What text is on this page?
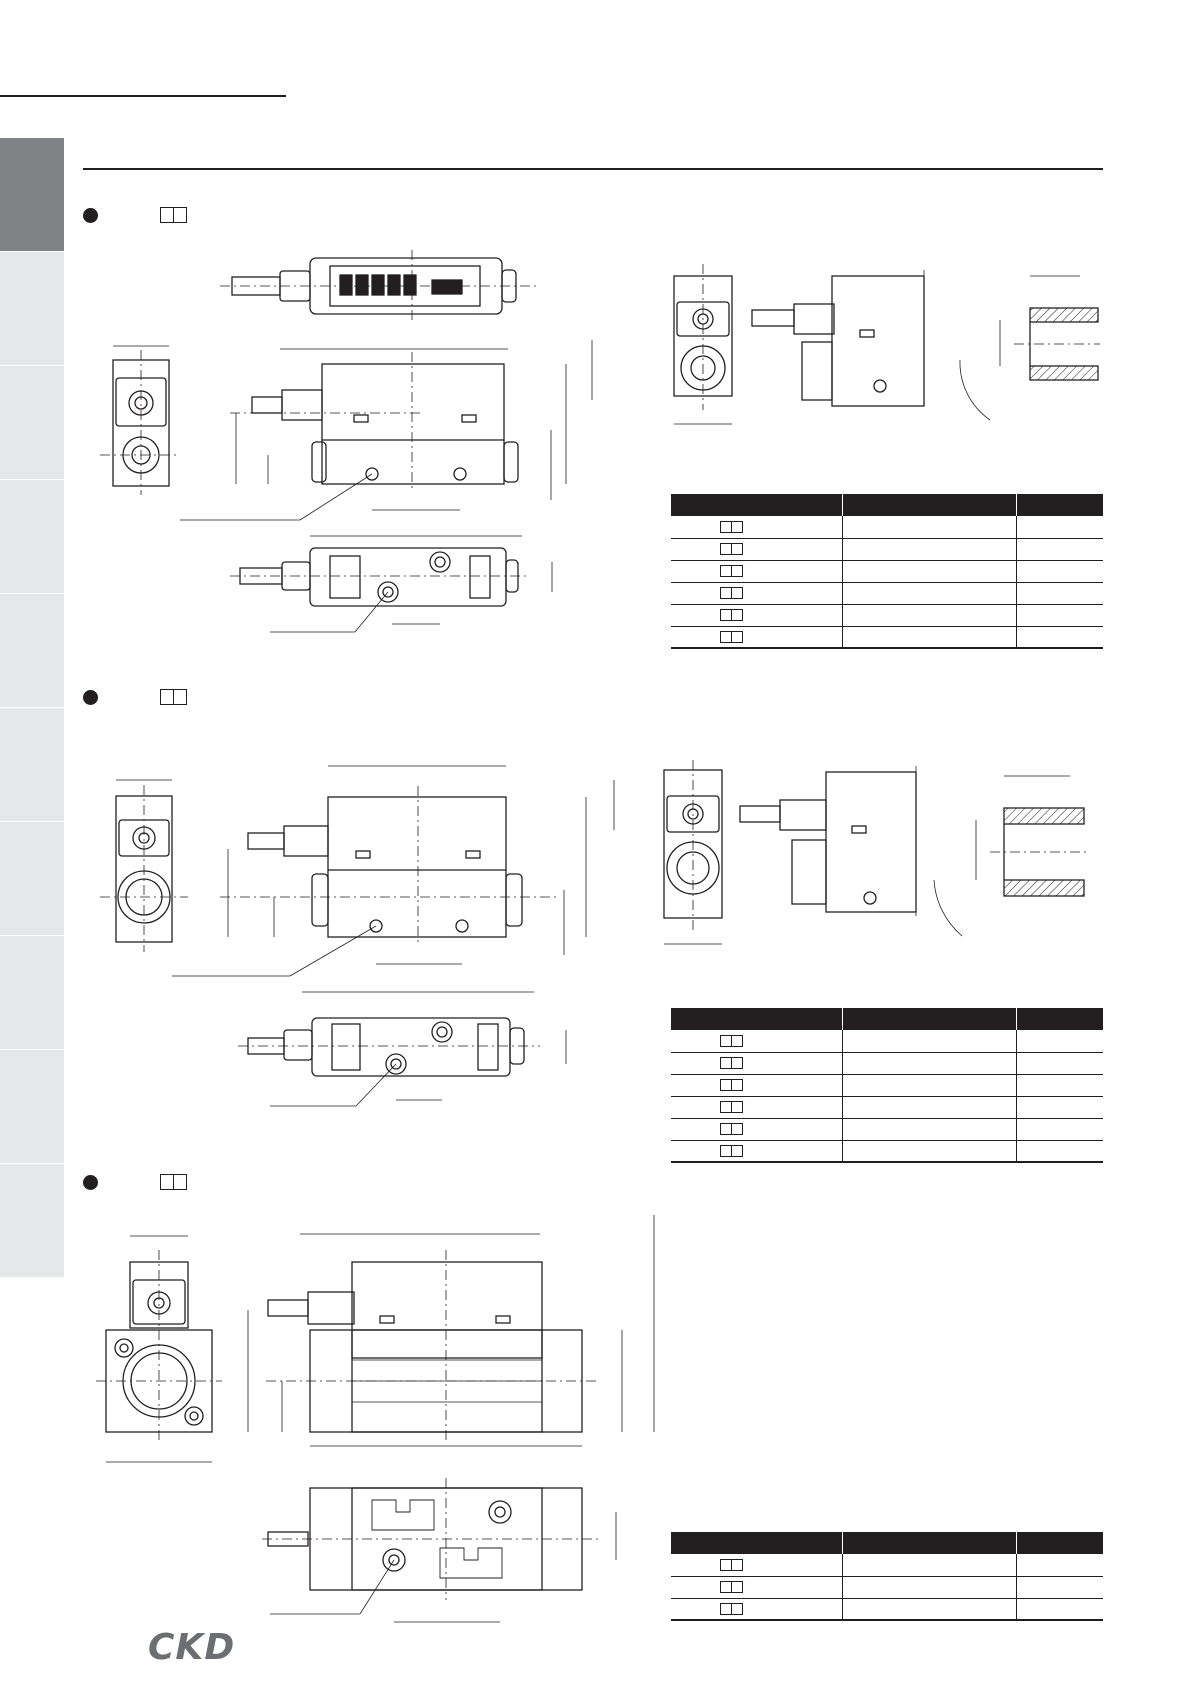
CKD
